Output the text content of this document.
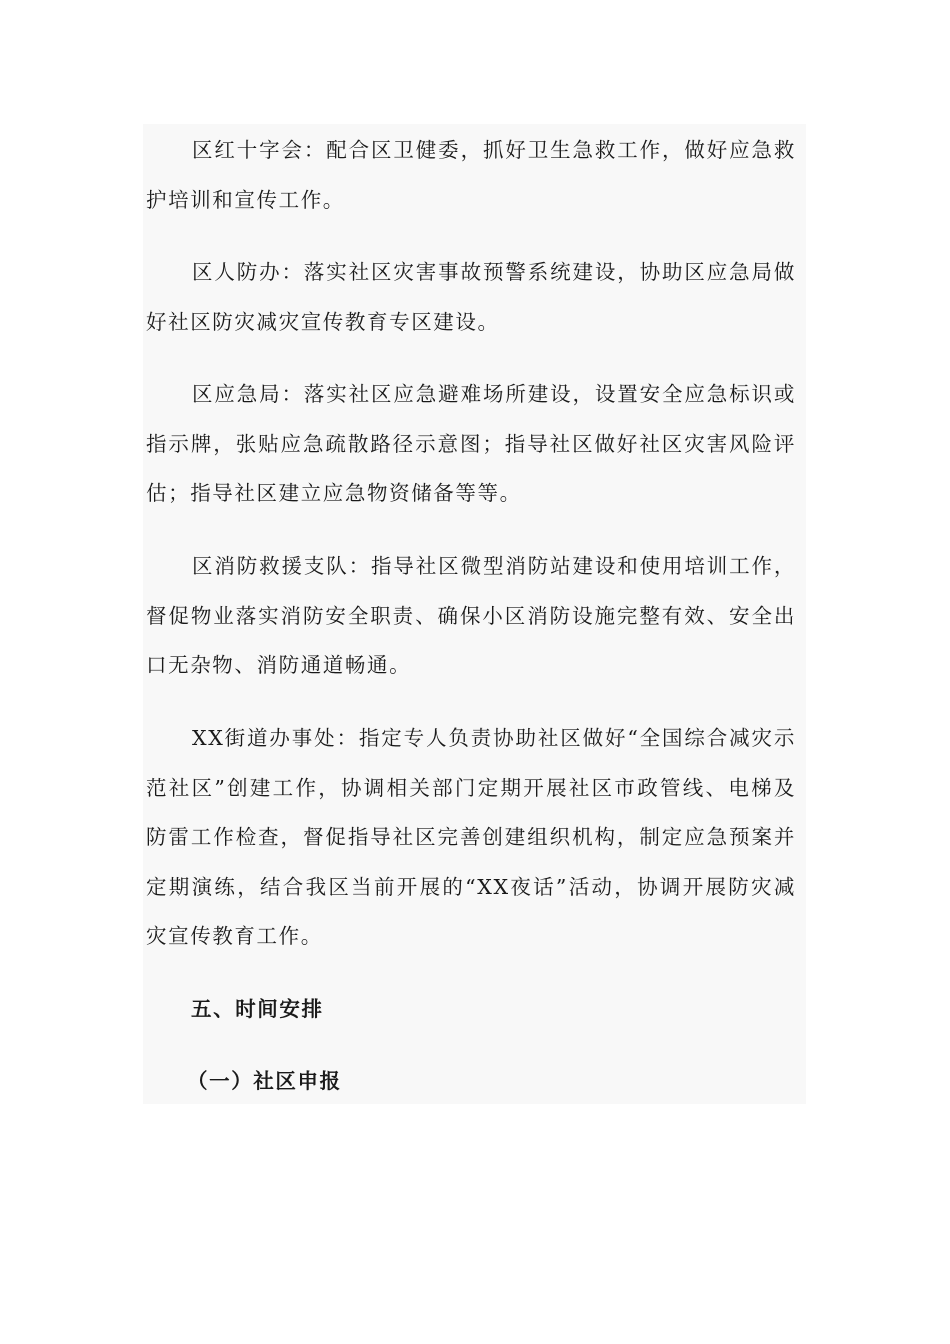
区红十字会：配合区卫健委，抓好卫生急救工作，做好应急救护培训和宣传工作。

区人防办：落实社区灾害事故预警系统建设，协助区应急局做好社区防灾减灾宣传教育专区建设。

区应急局：落实社区应急避难场所建设，设置安全应急标识或指示牌，张贴应急疏散路径示意图；指导社区做好社区灾害风险评估；指导社区建立应急物资储备等等。

区消防救援支队：指导社区微型消防站建设和使用培训工作，督促物业落实消防安全职责、确保小区消防设施完整有效、安全出口无杂物、消防通道畅通。

XX街道办事处：指定专人负责协助社区做好“全国综合减灾示范社区”创建工作，协调相关部门定期开展社区市政管线、电梯及防雷工作检查，督促指导社区完善创建组织机构，制定应急预案并定期演练，结合我区当前开展的“XX夜话”活动，协调开展防灾减灾宣传教育工作。

五、时间安排
（一）社区申报
